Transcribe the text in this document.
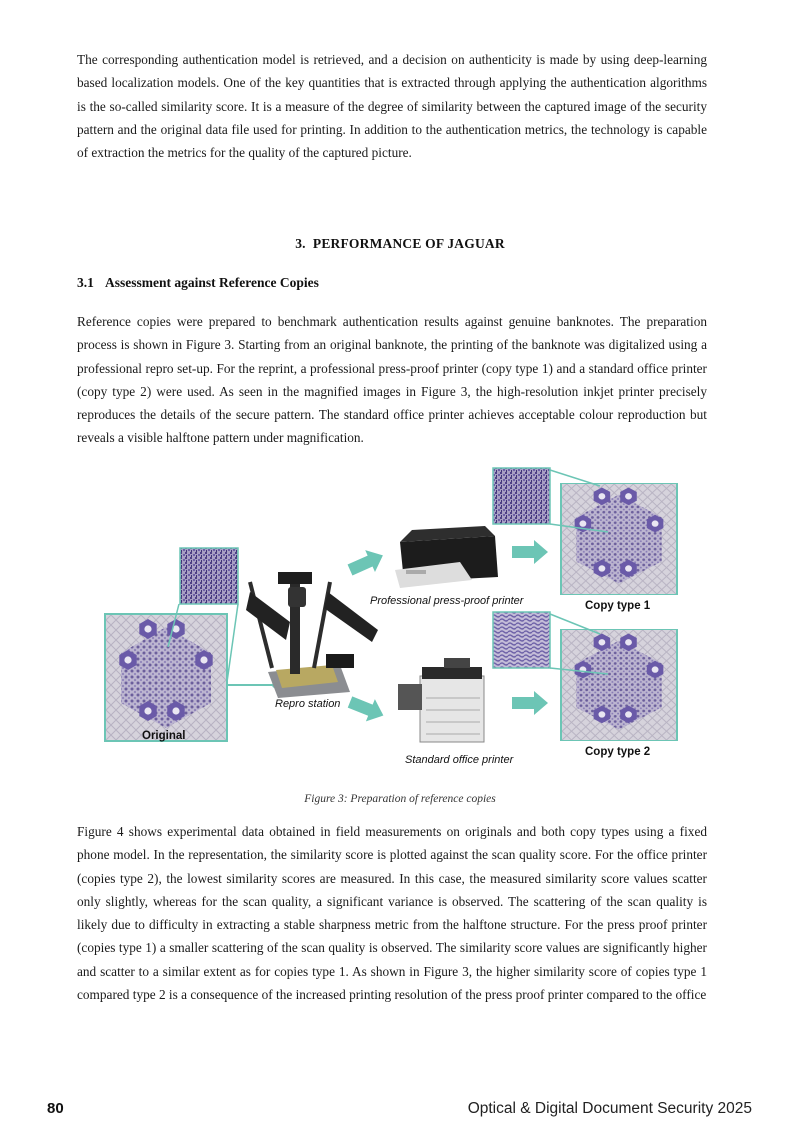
The corresponding authentication model is retrieved, and a decision on authenticity is made by using deep-learning based localization models. One of the key quantities that is extracted through applying the authentication algorithms is the so-called similarity score. It is a measure of the degree of similarity between the captured image of the security pattern and the original data file used for printing. In addition to the authentication metrics, the technology is capable of extraction the metrics for the quality of the captured picture.

3. PERFORMANCE OF JAGUAR
3.1 Assessment against Reference Copies

Reference copies were prepared to benchmark authentication results against genuine banknotes. The preparation process is shown in Figure 3. Starting from an original banknote, the printing of the banknote was digitalized using a professional repro set-up. For the reprint, a professional press-proof printer (copy type 1) and a standard office printer (copy type 2) were used. As seen in the magnified images in Figure 3, the high-resolution inkjet printer precisely reproduces the details of the secure pattern. The standard office printer achieves acceptable colour reproduction but reveals a visible halftone pattern under magnification.

Original
Repro station
Professional press-proof printer
Standard office printer
Copy type 1
Copy type 2
Figure 3: Preparation of reference copies

Figure 4 shows experimental data obtained in field measurements on originals and both copy types using a fixed phone model. In the representation, the similarity score is plotted against the scan quality score. For the office printer (copies type 2), the lowest similarity scores are measured. In this case, the measured similarity score values scatter only slightly, whereas for the scan quality, a significant variance is observed. The scattering of the scan quality is likely due to difficulty in extracting a stable sharpness metric from the halftone structure. For the press proof printer (copies type 1) a smaller scattering of the scan quality is observed. The similarity score values are significantly higher and scatter to a similar extent as for copies type 1. As shown in Figure 3, the higher similarity score of copies type 1 compared type 2 is a consequence of the increased printing resolution of the press proof printer compared to the office

80	Optical & Digital Document Security 2025
